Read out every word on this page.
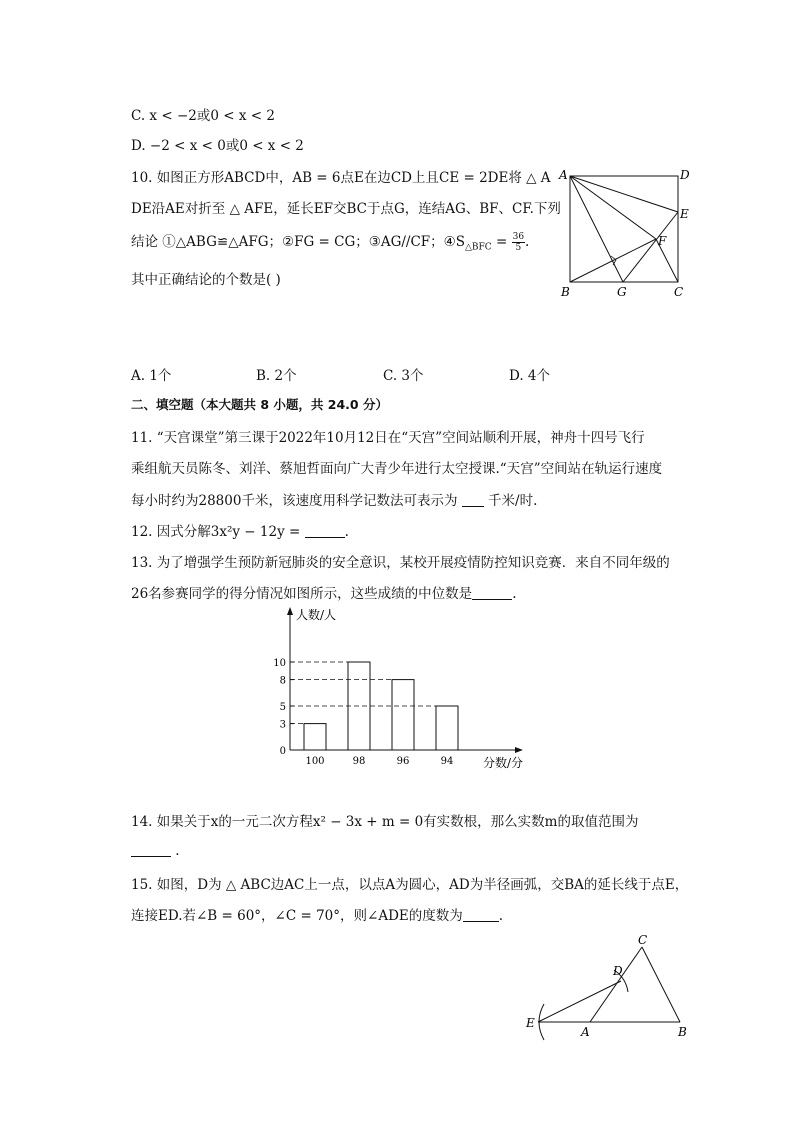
C. x < −2或0 < x < 2
D. −2 < x < 0或0 < x < 2
10. 如图正方形ABCD中，AB = 6点E在边CD上且CE = 2DE将 △ A
DE沿AE对折至 △ AFE，延长EF交BC于点G，连结AG、BF、CF.下列
结论 ①△ABG≌△AFG；②FG = CG；③AG//CF；$④S_{\triangle BFC} = \frac{36}{5}$ .
其中正确结论的个数是( )
A	D
E
F
B	G	C
A. 1个	B. 2个	C. 3个	D. 4个
二、填空题（本大题共 8 小题，共 24.0 分）
11. “天宫课堂”第三课于2022年10月12日在“天宫”空间站顺利开展，神舟十四号飞行
乘组航天员陈冬、刘洋、蔡旭哲面向广大青少年进行太空授课.“天宫”空间站在轨运行速度
每小时约为28800千米，该速度用科学记数法可表示为  千米/时.
12. 因式分解3x²y − 12y =	.
13. 为了增强学生预防新冠肺炎的安全意识，某校开展疫情防控知识竞赛．来自不同年级的
26名参赛同学的得分情况如图所示，这些成绩的中位数是	.
人数/人
分数/分
0
3
5
8
10
100	98	96	94
14. 如果关于x的一元二次方程x² − 3x + m = 0有实数根，那么实数m的取值范围为
.
15. 如图，D为 △ ABC边AC上一点，以点A为圆心，AD为半径画弧，交BA的延长线于点E，
连接ED.若∠B = 60°，∠C = 70°，则∠ADE的度数为	.
C
D
E
A	B
